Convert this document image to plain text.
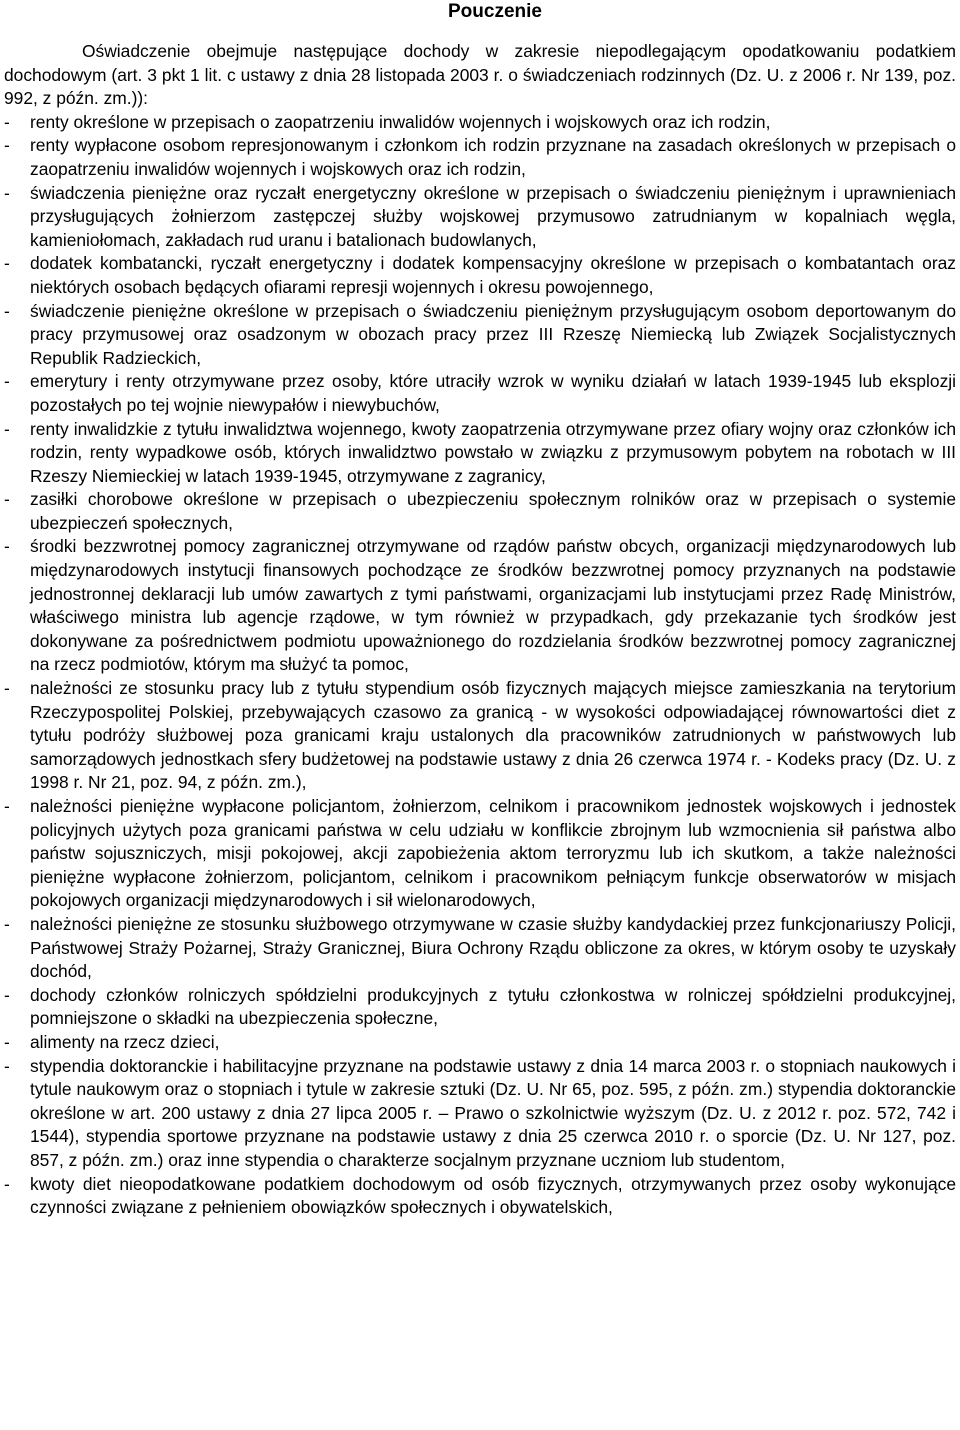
Pouczenie

Oświadczenie obejmuje następujące dochody w zakresie niepodlegającym opodatkowaniu podatkiem dochodowym (art. 3 pkt 1 lit. c ustawy z dnia 28 listopada 2003 r. o świadczeniach rodzinnych (Dz. U. z 2006 r. Nr 139, poz. 992, z późn. zm.)):

- renty określone w przepisach o zaopatrzeniu inwalidów wojennych i wojskowych oraz ich rodzin,
- renty wypłacone osobom represjonowanym i członkom ich rodzin przyznane na zasadach określonych w przepisach o zaopatrzeniu inwalidów wojennych i wojskowych oraz ich rodzin,
- świadczenia pieniężne oraz ryczałt energetyczny określone w przepisach o świadczeniu pieniężnym i uprawnieniach przysługujących żołnierzom zastępczej służby wojskowej przymusowo zatrudnianym w kopalniach węgla, kamieniołomach, zakładach rud uranu i batalionach budowlanych,
- dodatek kombatancki, ryczałt energetyczny i dodatek kompensacyjny określone w przepisach o kombatantach oraz niektórych osobach będących ofiarami represji wojennych i okresu powojennego,
- świadczenie pieniężne określone w przepisach o świadczeniu pieniężnym przysługującym osobom deportowanym do pracy przymusowej oraz osadzonym w obozach pracy przez III Rzeszę Niemiecką lub Związek Socjalistycznych Republik Radzieckich,
- emerytury i renty otrzymywane przez osoby, które utraciły wzrok w wyniku działań w latach 1939-1945 lub eksplozji pozostałych po tej wojnie niewypałów i niewybuchów,
- renty inwalidzkie z tytułu inwalidztwa wojennego, kwoty zaopatrzenia otrzymywane przez ofiary wojny oraz członków ich rodzin, renty wypadkowe osób, których inwalidztwo powstało w związku z przymusowym pobytem na robotach w III Rzeszy Niemieckiej w latach 1939-1945, otrzymywane z zagranicy,
- zasiłki chorobowe określone w przepisach o ubezpieczeniu społecznym rolników oraz w przepisach o systemie ubezpieczeń społecznych,
- środki bezzwrotnej pomocy zagranicznej otrzymywane od rządów państw obcych, organizacji międzynarodowych lub międzynarodowych instytucji finansowych pochodzące ze środków bezzwrotnej pomocy przyznanych na podstawie jednostronnej deklaracji lub umów zawartych z tymi państwami, organizacjami lub instytucjami przez Radę Ministrów, właściwego ministra lub agencje rządowe, w tym również w przypadkach, gdy przekazanie tych środków jest dokonywane za pośrednictwem podmiotu upoważnionego do rozdzielania środków bezzwrotnej pomocy zagranicznej na rzecz podmiotów, którym ma służyć ta pomoc,
- należności ze stosunku pracy lub z tytułu stypendium osób fizycznych mających miejsce zamieszkania na terytorium Rzeczypospolitej Polskiej, przebywających czasowo za granicą - w wysokości odpowiadającej równowartości diet z tytułu podróży służbowej poza granicami kraju ustalonych dla pracowników zatrudnionych w państwowych lub samorządowych jednostkach sfery budżetowej na podstawie ustawy z dnia 26 czerwca 1974 r. - Kodeks pracy (Dz. U. z 1998 r. Nr 21, poz. 94, z późn. zm.),
- należności pieniężne wypłacone policjantom, żołnierzom, celnikom i pracownikom jednostek wojskowych i jednostek policyjnych użytych poza granicami państwa w celu udziału w konflikcie zbrojnym lub wzmocnienia sił państwa albo państw sojuszniczych, misji pokojowej, akcji zapobieżenia aktom terroryzmu lub ich skutkom, a także należności pieniężne wypłacone żołnierzom, policjantom, celnikom i pracownikom pełniącym funkcje obserwatorów w misjach pokojowych organizacji międzynarodowych i sił wielonarodowych,
- należności pieniężne ze stosunku służbowego otrzymywane w czasie służby kandydackiej przez funkcjonariuszy Policji, Państwowej Straży Pożarnej, Straży Granicznej, Biura Ochrony Rządu obliczone za okres, w którym osoby te uzyskały dochód,
- dochody członków rolniczych spółdzielni produkcyjnych z tytułu członkostwa w rolniczej spółdzielni produkcyjnej, pomniejszone o składki na ubezpieczenia społeczne,
- alimenty na rzecz dzieci,
- stypendia doktoranckie i habilitacyjne przyznane na podstawie ustawy z dnia 14 marca 2003 r. o stopniach naukowych i tytule naukowym oraz o stopniach i tytule w zakresie sztuki (Dz. U. Nr 65, poz. 595, z późn. zm.) stypendia doktoranckie określone w art. 200 ustawy z dnia 27 lipca 2005 r. – Prawo o szkolnictwie wyższym (Dz. U. z 2012 r. poz. 572, 742 i 1544), stypendia sportowe przyznane na podstawie ustawy z dnia 25 czerwca 2010 r. o sporcie (Dz. U. Nr 127, poz. 857, z późn. zm.) oraz inne stypendia o charakterze socjalnym przyznane uczniom lub studentom,
- kwoty diet nieopodatkowane podatkiem dochodowym od osób fizycznych, otrzymywanych przez osoby wykonujące czynności związane z pełnieniem obowiązków społecznych i obywatelskich,
